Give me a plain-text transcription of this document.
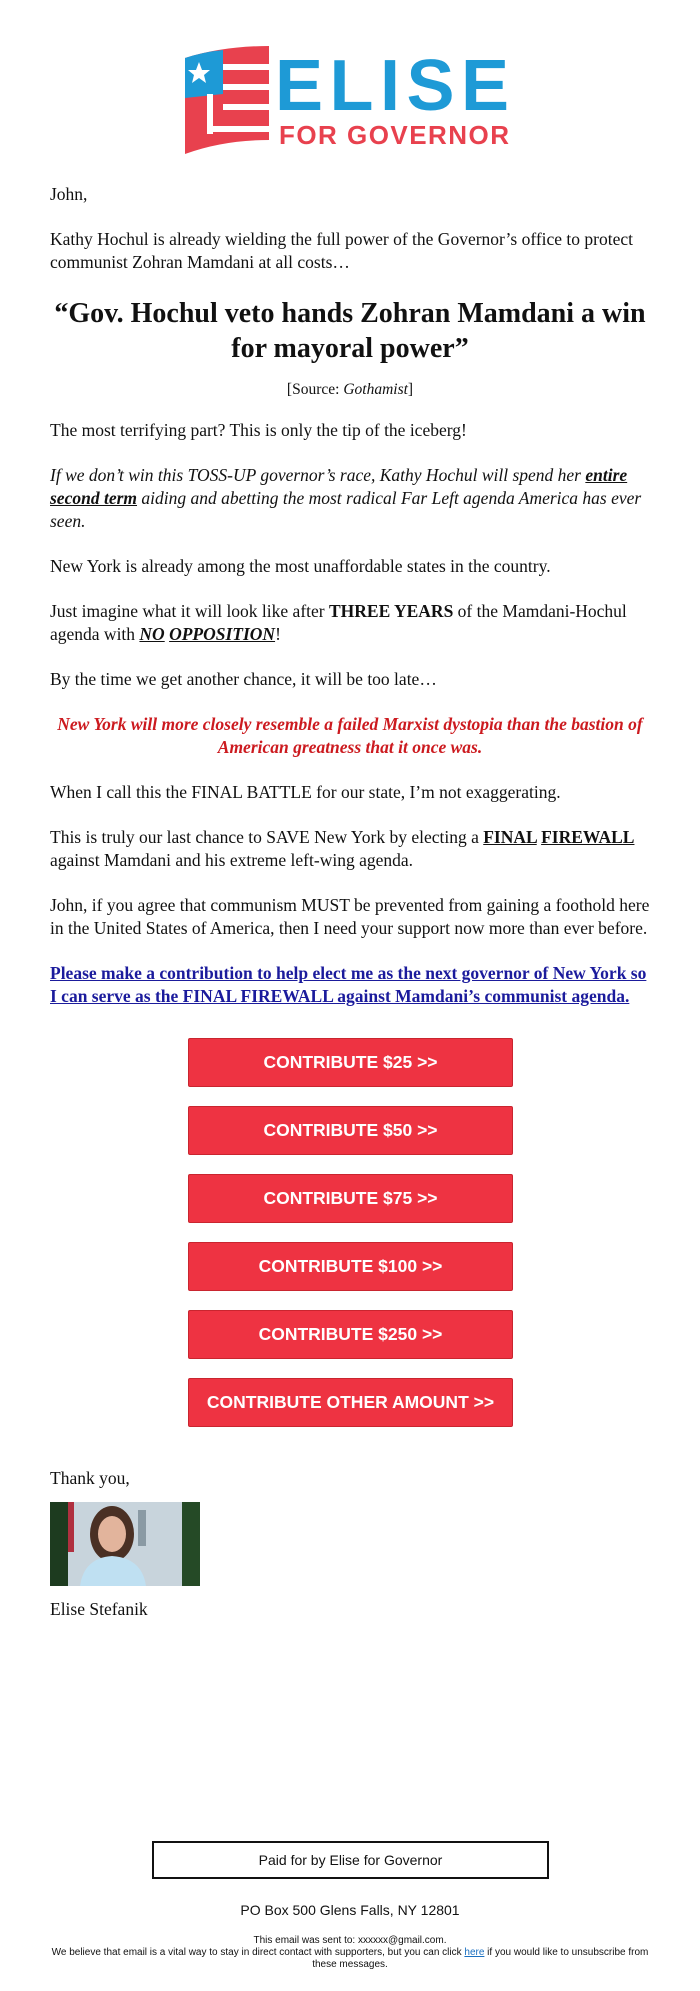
ELISE
FOR GOVERNOR

John,

Kathy Hochul is already wielding the full power of the Governor’s office to protect communist Zohran Mamdani at all costs…

“Gov. Hochul veto hands Zohran Mamdani a win for mayoral power”

[Source: Gothamist]

The most terrifying part? This is only the tip of the iceberg!

If we don’t win this TOSS-UP governor’s race, Kathy Hochul will spend her entire second term aiding and abetting the most radical Far Left agenda America has ever seen.

New York is already among the most unaffordable states in the country.

Just imagine what it will look like after THREE YEARS of the Mamdani-Hochul agenda with NO OPPOSITION!

By the time we get another chance, it will be too late…

New York will more closely resemble a failed Marxist dystopia than the bastion of American greatness that it once was.

When I call this the FINAL BATTLE for our state, I’m not exaggerating.

This is truly our last chance to SAVE New York by electing a FINAL FIREWALL against Mamdani and his extreme left-wing agenda.

John, if you agree that communism MUST be prevented from gaining a foothold here in the United States of America, then I need your support now more than ever before.

Please make a contribution to help elect me as the next governor of New York so I can serve as the FINAL FIREWALL against Mamdani’s communist agenda.

CONTRIBUTE $25 >>
CONTRIBUTE $50 >>
CONTRIBUTE $75 >>
CONTRIBUTE $100 >>
CONTRIBUTE $250 >>
CONTRIBUTE OTHER AMOUNT >>
Thank you,
Elise Stefanik
Paid for by Elise for Governor
PO Box 500 Glens Falls, NY 12801
This email was sent to: xxxxxx@gmail.com.
We believe that email is a vital way to stay in direct contact with supporters, but you can click here if you would like to unsubscribe from these messages.
